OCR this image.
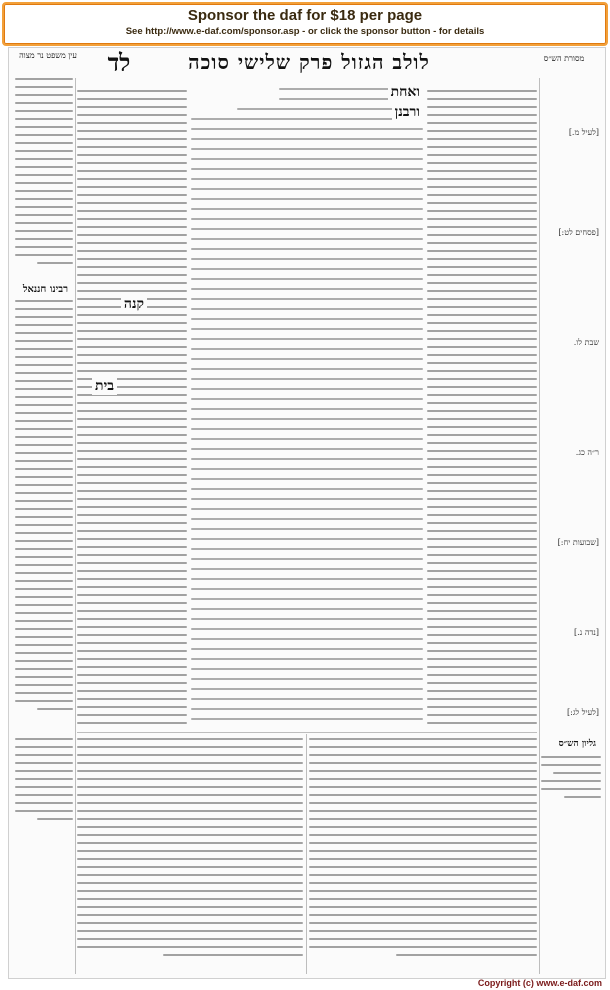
Sponsor the daf for $18 per page
See http://www.e-daf.com/sponsor.asp - or click the sponsor button - for details
מסורת הש״ס
לולב הגזול פרק שלישי סוכה
לד
עין משפט נר מצוה
[לעיל מ.]
[פסחים לט:]
שבת לו.
ר״ה כג.
[שבועות יח:]
[נדה נ.]
[לעיל לג:]
גליון הש״ס
ואחת
ורבנן
קנה
בית
רבינו חננאל
Copyright (c) www.e-daf.com
